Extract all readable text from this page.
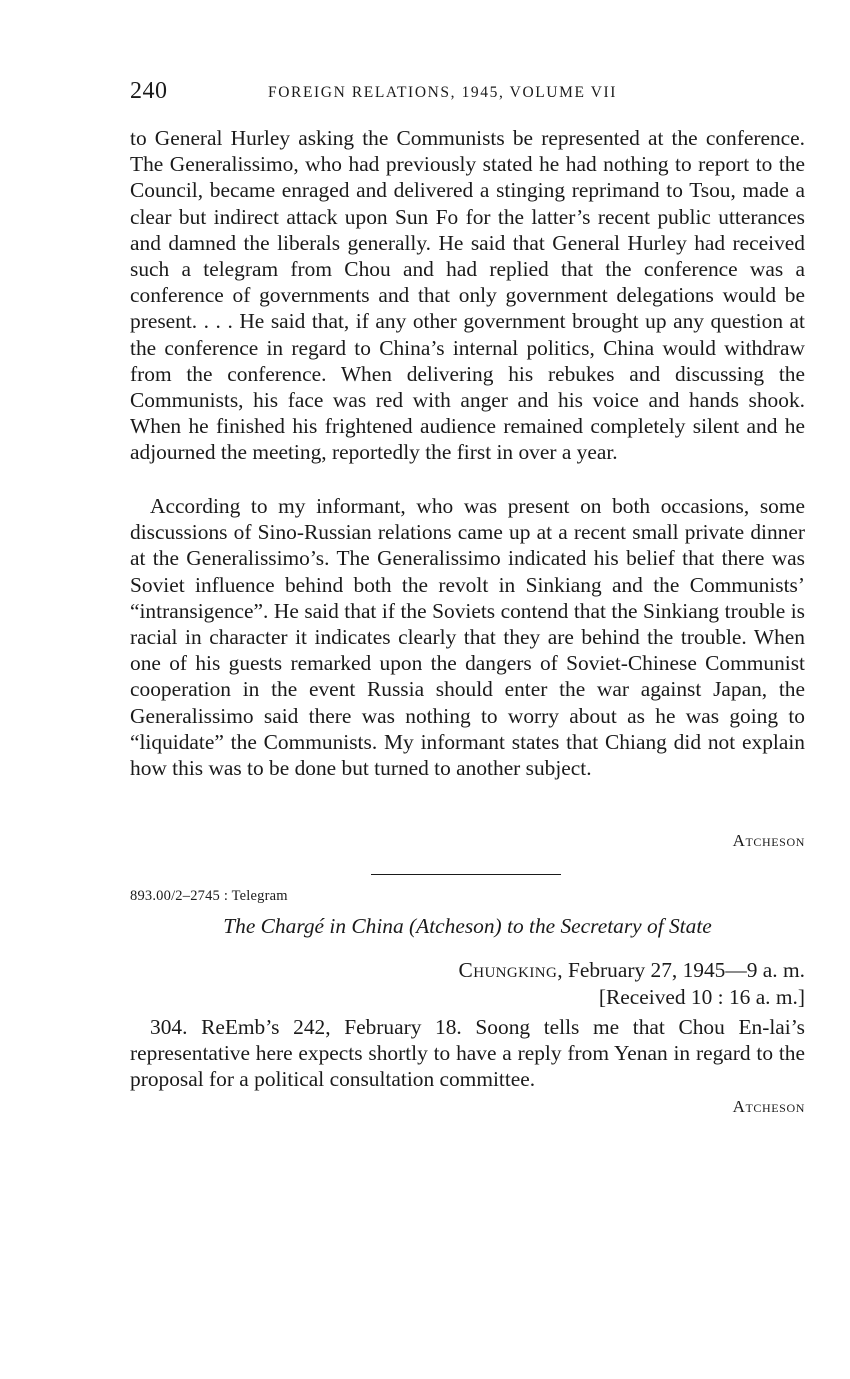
240	FOREIGN RELATIONS, 1945, VOLUME VII

to General Hurley asking the Communists be represented at the conference. The Generalissimo, who had previously stated he had nothing to report to the Council, became enraged and delivered a stinging reprimand to Tsou, made a clear but indirect attack upon Sun Fo for the latter’s recent public utterances and damned the liberals generally. He said that General Hurley had received such a telegram from Chou and had replied that the conference was a conference of governments and that only government delegations would be present. . . . He said that, if any other government brought up any question at the conference in regard to China’s internal politics, China would withdraw from the conference. When delivering his rebukes and discussing the Communists, his face was red with anger and his voice and hands shook. When he finished his frightened audience remained completely silent and he adjourned the meeting, reportedly the first in over a year.

According to my informant, who was present on both occasions, some discussions of Sino-Russian relations came up at a recent small private dinner at the Generalissimo’s. The Generalissimo indicated his belief that there was Soviet influence behind both the revolt in Sinkiang and the Communists’ “intransigence”. He said that if the Soviets contend that the Sinkiang trouble is racial in character it indicates clearly that they are behind the trouble. When one of his guests remarked upon the dangers of Soviet-Chinese Communist cooperation in the event Russia should enter the war against Japan, the Generalissimo said there was nothing to worry about as he was going to “liquidate” the Communists. My informant states that Chiang did not explain how this was to be done but turned to another subject.

Atcheson
893.00/2–2745 : Telegram
The Chargé in China (Atcheson) to the Secretary of State
Chungking, February 27, 1945—9 a. m.
[Received 10 : 16 a. m.]

304. ReEmb’s 242, February 18. Soong tells me that Chou En-lai’s representative here expects shortly to have a reply from Yenan in regard to the proposal for a political consultation committee.

Atcheson
